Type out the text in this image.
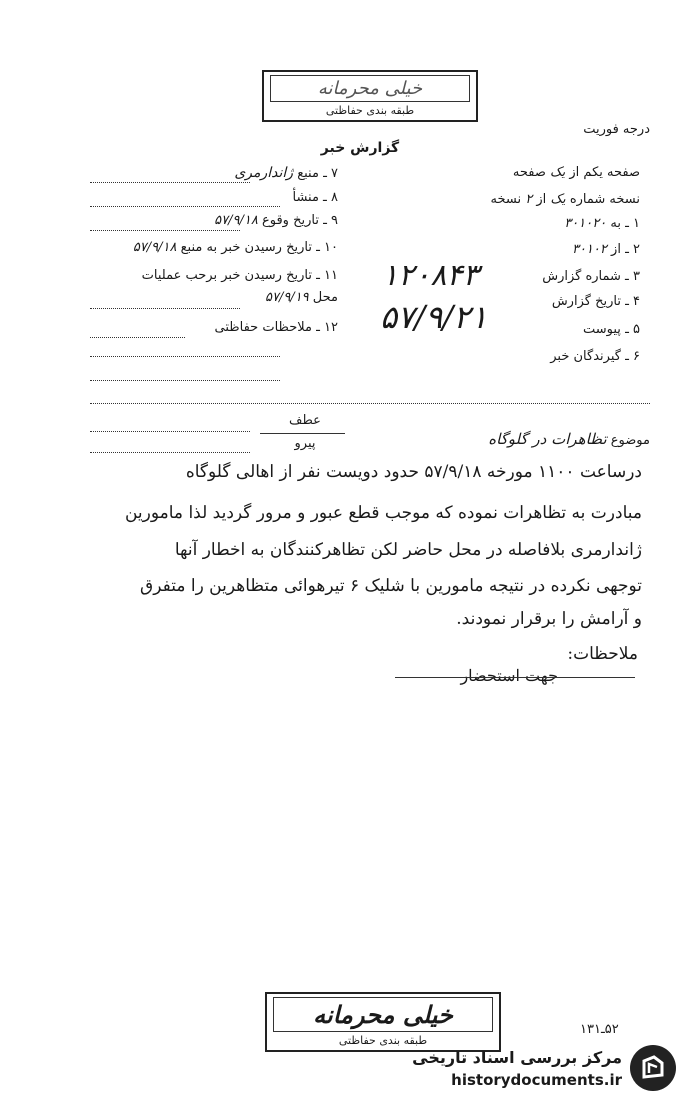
خیلی محرمانه
طبقه بندی حفاظتی
درجه فوریت
گزارش خبر
۷ ـ منبع ژاندارمری
۸ ـ منشأ
۹ ـ تاریخ وقوع ۵۷/۹/۱۸
۱۰ ـ تاریخ رسیدن خبر به منبع ۵۷/۹/۱۸
۱۱ ـ تاریخ رسیدن خبر برحب عملیات
محل ۵۷/۹/۱۹
۱۲ ـ ملاحظات حفاظتی
صفحه یکم از یک صفحه
نسخه شماره یک از ۲ نسخه
۱ ـ به ۳۰۱۰۲۰
۲ ـ از ۳۰۱۰۲
۳ ـ شماره گزارش
۱۲۰۸۴۳
۴ ـ تاریخ گزارش
۵۷/۹/۲۱	۵ ـ پیوست
۶ ـ گیرندگان خبر
عطف
پیرو	موضوع تظاهرات در گلوگاه
درساعت ۱۱۰۰ مورخه ۵۷/۹/۱۸ حدود دویست نفر از اهالی گلوگاه
مبادرت به تظاهرات نموده که موجب قطع عبور و مرور گردید لذا مامورین
ژاندارمری بلافاصله در محل حاضر لکن تظاهرکنندگان به اخطار آنها
توجهی نکرده در نتیجه مامورین با شلیک ۶ تیرهوائی متظاهرین را متفرق
و آرامش را برقرار نمودند.
ملاحظات:
جهت استحضار
خیلی محرمانه
طبقه بندی حفاظتی
۵۲ـ۱۳۱
مرکز بررسی اسناد تاریخی
historydocuments.ir
